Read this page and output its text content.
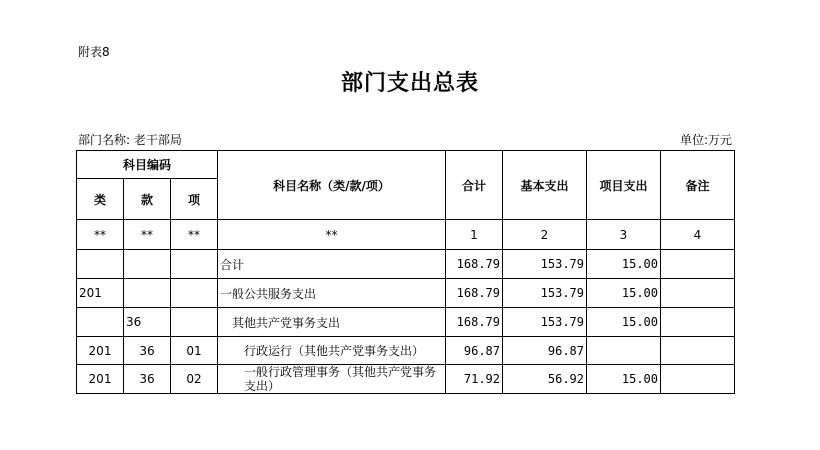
附表8
部门支出总表
部门名称: 老干部局	单位:万元
科目编码			科目名称（类/款/项）	合计	基本支出	项目支出	备注
类	款	项					
**	**	**	**	1	2	3	4
			合计	168.79	153.79	15.00	
201			一般公共服务支出	168.79	153.79	15.00	
	36		其他共产党事务支出	168.79	153.79	15.00	
201	36	01	行政运行（其他共产党事务支出）	96.87	96.87		
201	36	02	一般行政管理事务（其他共产党事务支出）	71.92	56.92	15.00	
